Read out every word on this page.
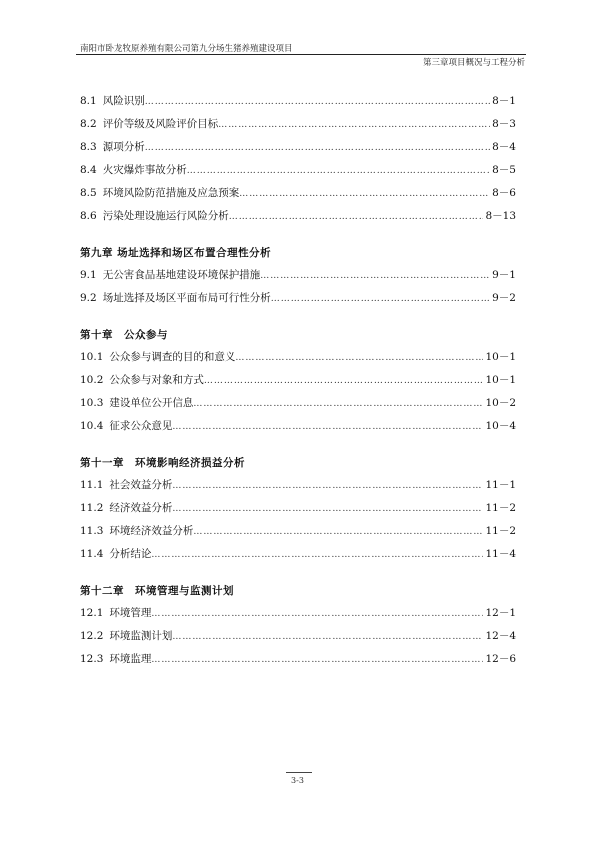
南阳市卧龙牧原养殖有限公司第九分场生猪养殖建设项目
第三章项目概况与工程分析
8.1 风险识别 …………………………………………………………………………………………………………………………………………………………………………………………………	8－1
8.2 评价等级及风险评价目标 …………………………………………………………………………………………………………………………………………………………………………………………………	8－3
8.3 源项分析 …………………………………………………………………………………………………………………………………………………………………………………………………	8－4
8.4 火灾爆炸事故分析 …………………………………………………………………………………………………………………………………………………………………………………………………	8－5
8.5 环境风险防范措施及应急预案 …………………………………………………………………………………………………………………………………………………………………………………………………	8－6
8.6 污染处理设施运行风险分析 …………………………………………………………………………………………………………………………………………………………………………………………………	8－13
第九章 场址选择和场区布置合理性分析
9.1 无公害食品基地建设环境保护措施 …………………………………………………………………………………………………………………………………………………………………………………………………	9－1
9.2 场址选择及场区平面布局可行性分析 …………………………………………………………………………………………………………………………………………………………………………………………………	9－2
第十章　公众参与
10.1 公众参与调查的目的和意义 …………………………………………………………………………………………………………………………………………………………………………………………………	10－1
10.2 公众参与对象和方式 …………………………………………………………………………………………………………………………………………………………………………………………………	10－1
10.3 建设单位公开信息 …………………………………………………………………………………………………………………………………………………………………………………………………	10－2
10.4 征求公众意见 …………………………………………………………………………………………………………………………………………………………………………………………………	10－4
第十一章　环境影响经济损益分析
11.1 社会效益分析 …………………………………………………………………………………………………………………………………………………………………………………………………	11－1
11.2 经济效益分析 …………………………………………………………………………………………………………………………………………………………………………………………………	11－2
11.3 环境经济效益分析 …………………………………………………………………………………………………………………………………………………………………………………………………	11－2
11.4 分析结论 …………………………………………………………………………………………………………………………………………………………………………………………………	11－4
第十二章　环境管理与监测计划
12.1 环境管理 …………………………………………………………………………………………………………………………………………………………………………………………………	12－1
12.2 环境监测计划 …………………………………………………………………………………………………………………………………………………………………………………………………	12－4
12.3 环境监理 …………………………………………………………………………………………………………………………………………………………………………………………………	12－6
3-3
